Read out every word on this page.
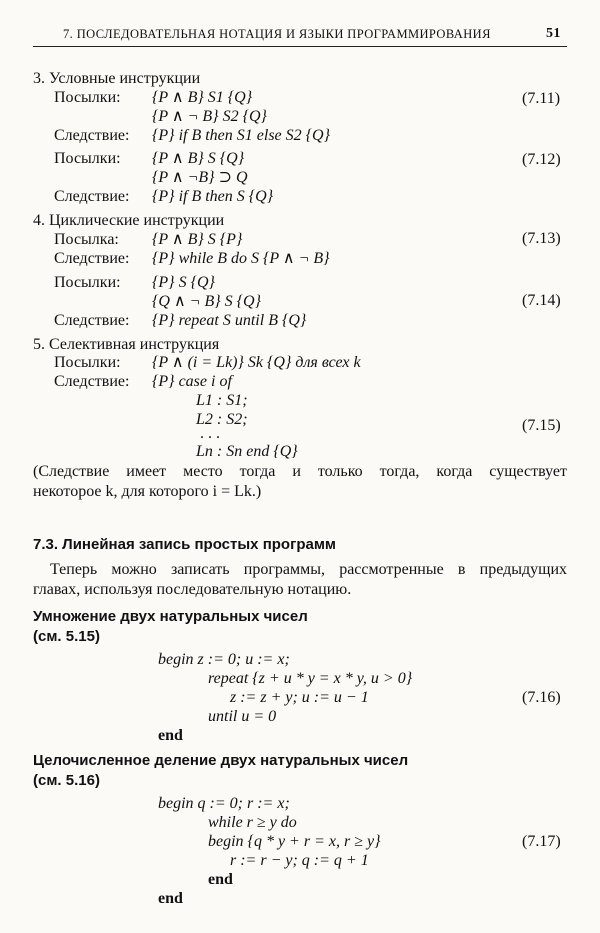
7. ПОСЛЕДОВАТЕЛЬНАЯ НОТАЦИЯ И ЯЗЫКИ ПРОГРАММИРОВАНИЯ	51
3. Условные инструкции
Посылки: {P ∧ B} S1 {Q}
{P ∧ ¬ B} S2 {Q}
Следствие: {P} if B then S1 else S2 {Q}
(7.11)
Посылки: {P ∧ B} S {Q}
{P ∧ ¬B} ⊃ Q
Следствие: {P} if B then S {Q}
(7.12)
4. Циклические инструкции
Посылка: {P ∧ B} S {P}
Следствие: {P} while B do S {P ∧ ¬ B}
(7.13)
Посылки: {P} S {Q}
{Q ∧ ¬ B} S {Q}
Следствие: {P} repeat S until B {Q}
(7.14)
5. Селективная инструкция
Посылки: {P ∧ (i = Lk)} Sk {Q} для всех k
Следствие: {P} case i of
L1 : S1;
L2 : S2;
. . .
Ln : Sn end {Q}
(7.15)
(Следствие имеет место тогда и только тогда, когда существует
некоторое k, для которого i = Lk.)
7.3. Линейная запись простых программ
Теперь можно записать программы, рассмотренные в предыдущих
главах, используя последовательную нотацию.
Умножение двух натуральных чисел
(см. 5.15)
begin z := 0; u := x;
repeat {z + u * y = x * y, u > 0}
z := z + y; u := u − 1
until u = 0
end
(7.16)
Целочисленное деление двух натуральных чисел
(см. 5.16)
begin q := 0; r := x;
while r ≥ y do
begin {q * y + r = x, r ≥ y}
r := r − y; q := q + 1
end
end
(7.17)
